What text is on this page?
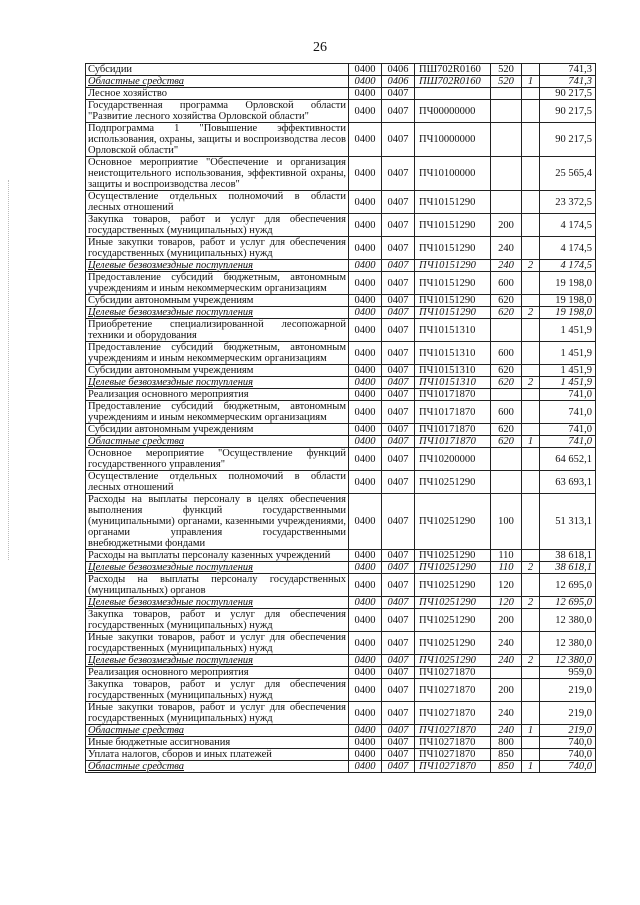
26
Субсидии	0400	0406	ПШ702R0160	520		741,3
Областные средства	0400	0406	ПШ702R0160	520	1	741,3
Лесное хозяйство	0400	0407				90 217,5
Государственная программа Орловской области "Развитие лесного хозяйства Орловской области"	0400	0407	ПЧ00000000			90 217,5
Подпрограмма 1 "Повышение эффективности использования, охраны, защиты и воспроизводства лесов Орловской области"	0400	0407	ПЧ10000000			90 217,5
Основное мероприятие "Обеспечение и организация неистощительного использования, эффективной охраны, защиты и воспроизводства лесов"	0400	0407	ПЧ10100000			25 565,4
Осуществление отдельных полномочий в области лесных отношений	0400	0407	ПЧ10151290			23 372,5
Закупка товаров, работ и услуг для обеспечения государственных (муниципальных) нужд	0400	0407	ПЧ10151290	200		4 174,5
Иные закупки товаров, работ и услуг для обеспечения государственных (муниципальных) нужд	0400	0407	ПЧ10151290	240		4 174,5
Целевые безвозмездные поступления	0400	0407	ПЧ10151290	240	2	4 174,5
Предоставление субсидий бюджетным, автономным учреждениям и иным некоммерческим организациям	0400	0407	ПЧ10151290	600		19 198,0
Субсидии автономным учреждениям	0400	0407	ПЧ10151290	620		19 198,0
Целевые безвозмездные поступления	0400	0407	ПЧ10151290	620	2	19 198,0
Приобретение специализированной лесопожарной техники и оборудования	0400	0407	ПЧ10151310			1 451,9
Предоставление субсидий бюджетным, автономным учреждениям и иным некоммерческим организациям	0400	0407	ПЧ10151310	600		1 451,9
Субсидии автономным учреждениям	0400	0407	ПЧ10151310	620		1 451,9
Целевые безвозмездные поступления	0400	0407	ПЧ10151310	620	2	1 451,9
Реализация основного мероприятия	0400	0407	ПЧ10171870			741,0
Предоставление субсидий бюджетным, автономным учреждениям и иным некоммерческим организациям	0400	0407	ПЧ10171870	600		741,0
Субсидии автономным учреждениям	0400	0407	ПЧ10171870	620		741,0
Областные средства	0400	0407	ПЧ10171870	620	1	741,0
Основное мероприятие "Осуществление функций государственного управления"	0400	0407	ПЧ10200000			64 652,1
Осуществление отдельных полномочий в области лесных отношений	0400	0407	ПЧ10251290			63 693,1
Расходы на выплаты персоналу в целях обеспечения выполнения функций государственными (муниципальными) органами, казенными учреждениями, органами управления государственными внебюджетными фондами	0400	0407	ПЧ10251290	100		51 313,1
Расходы на выплаты персоналу казенных учреждений	0400	0407	ПЧ10251290	110		38 618,1
Целевые безвозмездные поступления	0400	0407	ПЧ10251290	110	2	38 618,1
Расходы на выплаты персоналу государственных (муниципальных) органов	0400	0407	ПЧ10251290	120		12 695,0
Целевые безвозмездные поступления	0400	0407	ПЧ10251290	120	2	12 695,0
Закупка товаров, работ и услуг для обеспечения государственных (муниципальных) нужд	0400	0407	ПЧ10251290	200		12 380,0
Иные закупки товаров, работ и услуг для обеспечения государственных (муниципальных) нужд	0400	0407	ПЧ10251290	240		12 380,0
Целевые безвозмездные поступления	0400	0407	ПЧ10251290	240	2	12 380,0
Реализация основного мероприятия	0400	0407	ПЧ10271870			959,0
Закупка товаров, работ и услуг для обеспечения государственных (муниципальных) нужд	0400	0407	ПЧ10271870	200		219,0
Иные закупки товаров, работ и услуг для обеспечения государственных (муниципальных) нужд	0400	0407	ПЧ10271870	240		219,0
Областные средства	0400	0407	ПЧ10271870	240	1	219,0
Иные бюджетные ассигнования	0400	0407	ПЧ10271870	800		740,0
Уплата налогов, сборов и иных платежей	0400	0407	ПЧ10271870	850		740,0
Областные средства	0400	0407	ПЧ10271870	850	1	740,0
